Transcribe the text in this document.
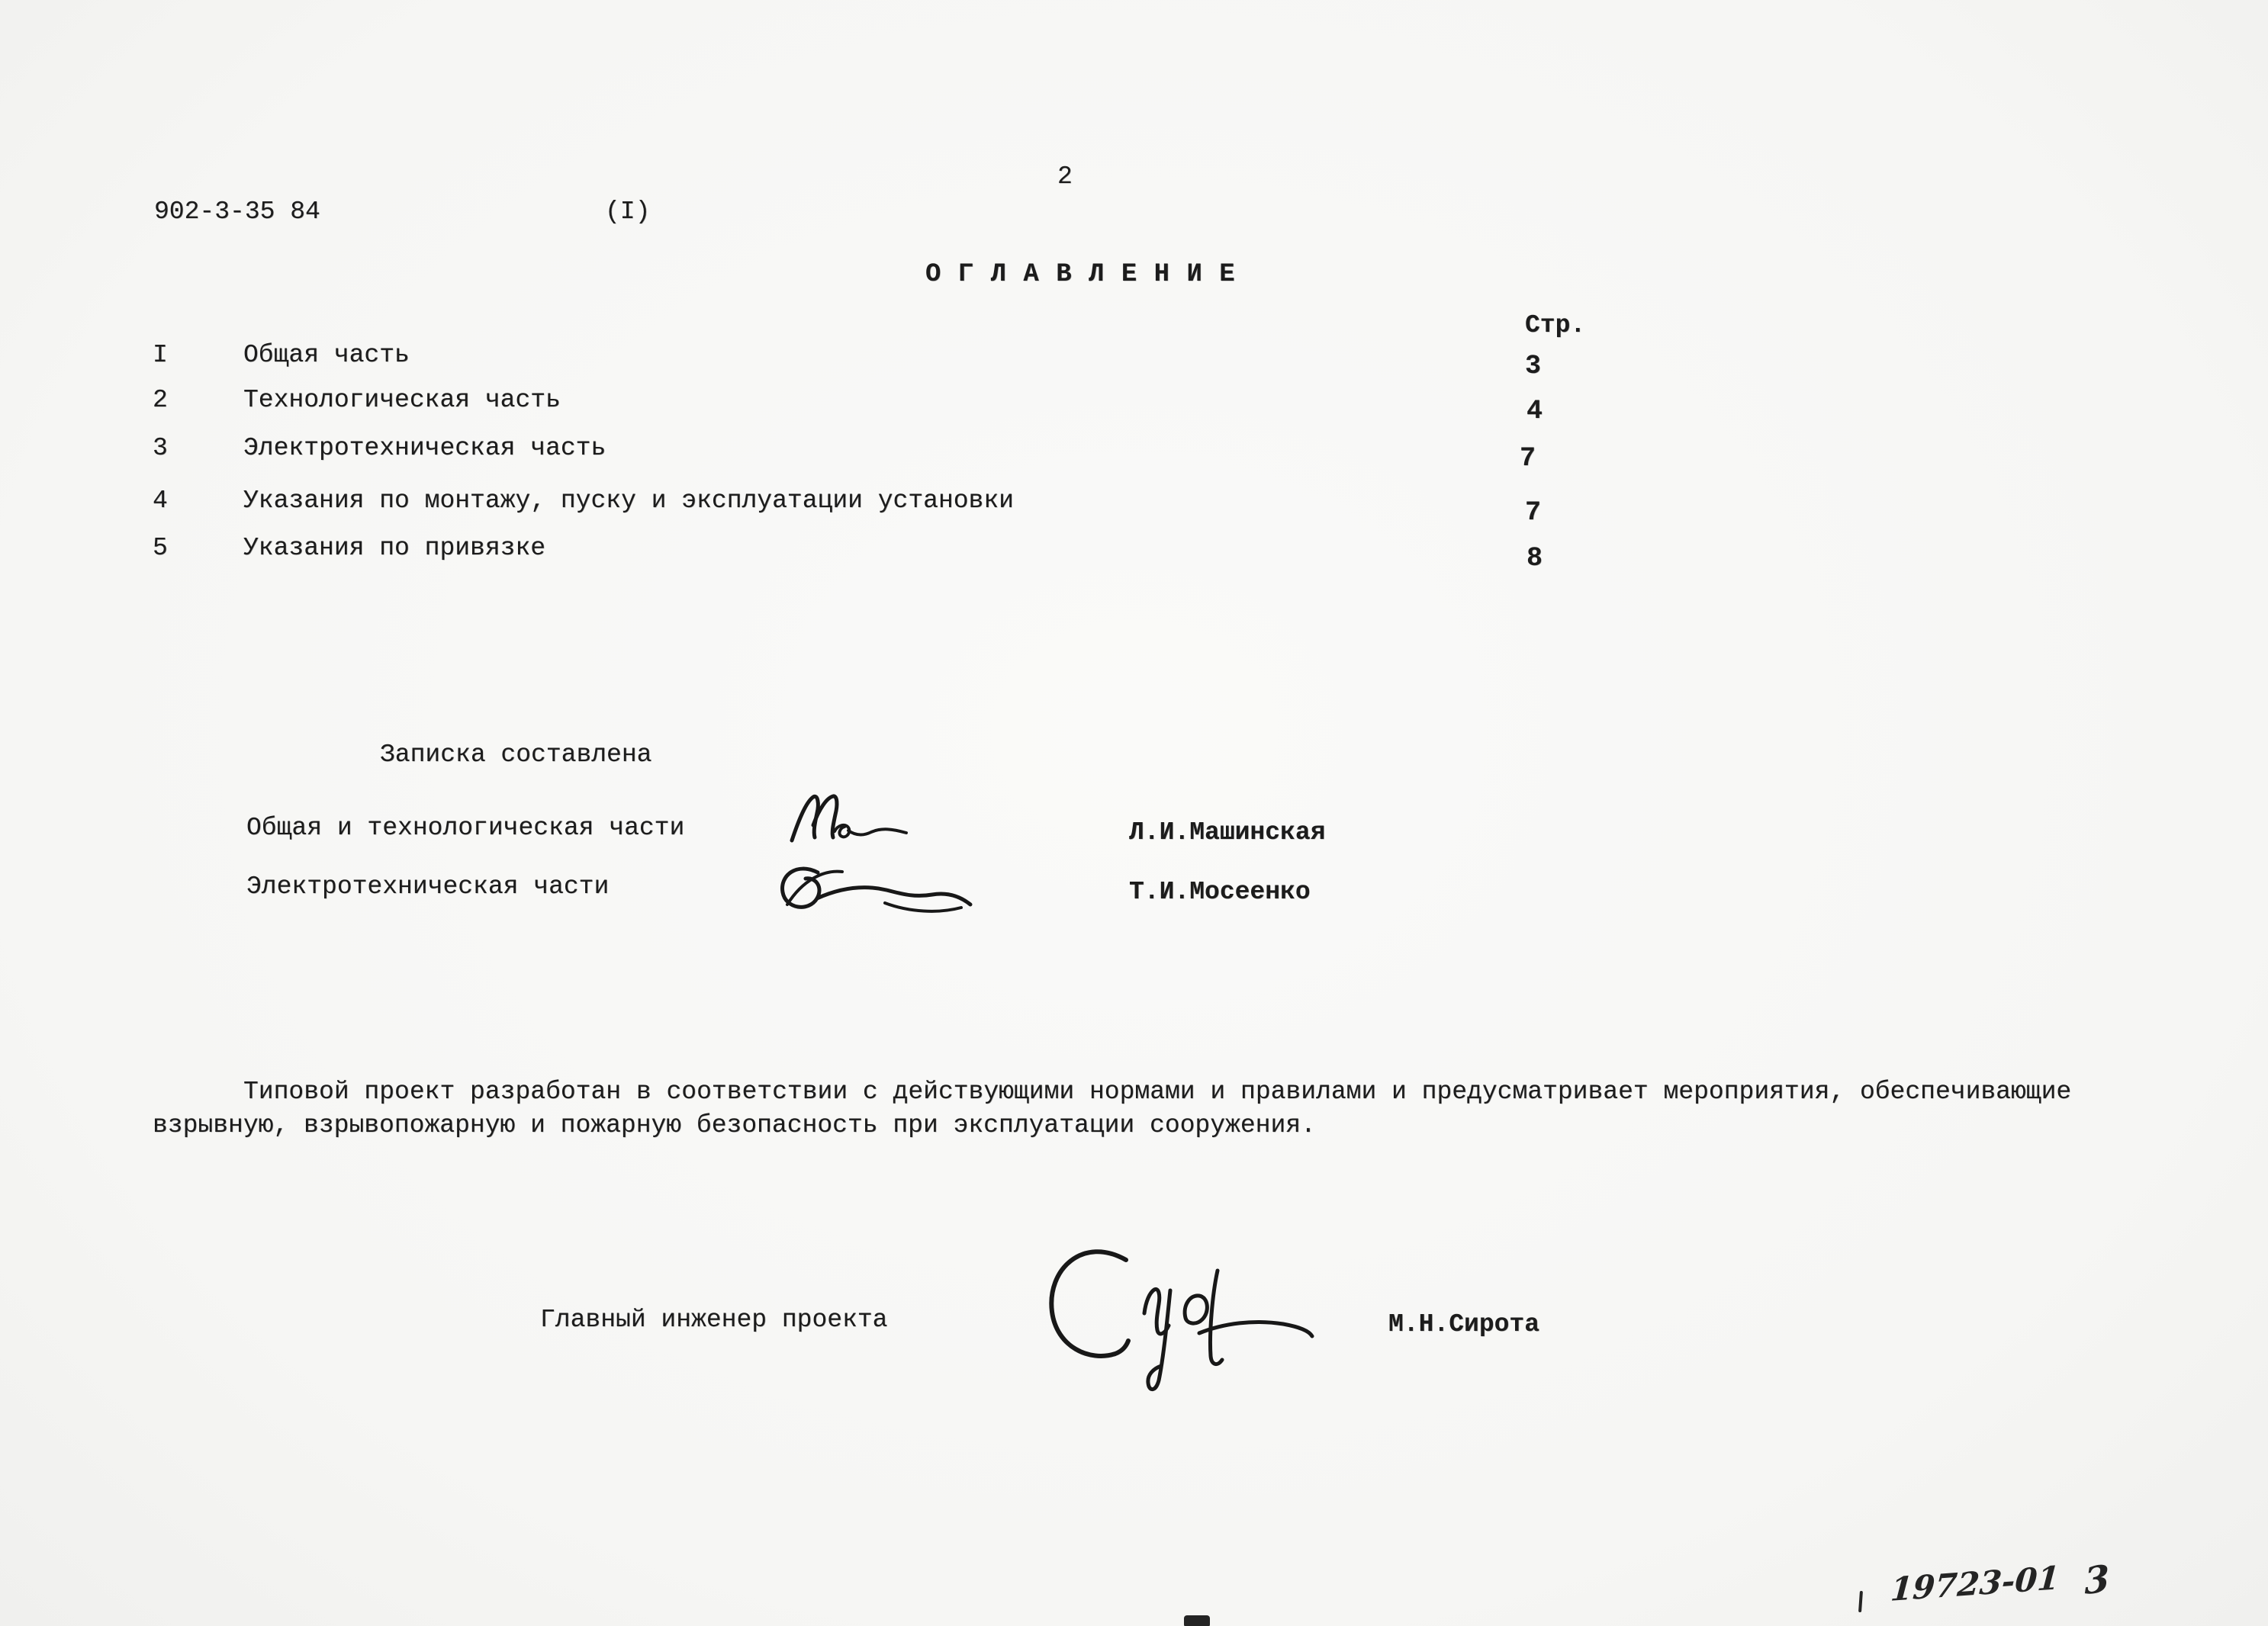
2
902-3-35 84	(I)
О Г Л А В Л Е Н И Е
Стр.
I	Общая часть	3
2	Технологическая часть	4
3	Электротехническая часть	7
4	Указания по монтажу, пуску и эксплуатации установки	7
5	Указания по привязке	8
Записка составлена
Общая и технологическая части	Л.И.Машинская
Электротехническая части	Т.И.Мосеенко
Типовой проект разработан в соответствии с действующими нормами и правилами и предусматривает мероприятия, обеспечивающие
взрывную, взрывопожарную и пожарную безопасность при эксплуатации сооружения.
Главный инженер проекта	М.Н.Сирота
19723-01 3
